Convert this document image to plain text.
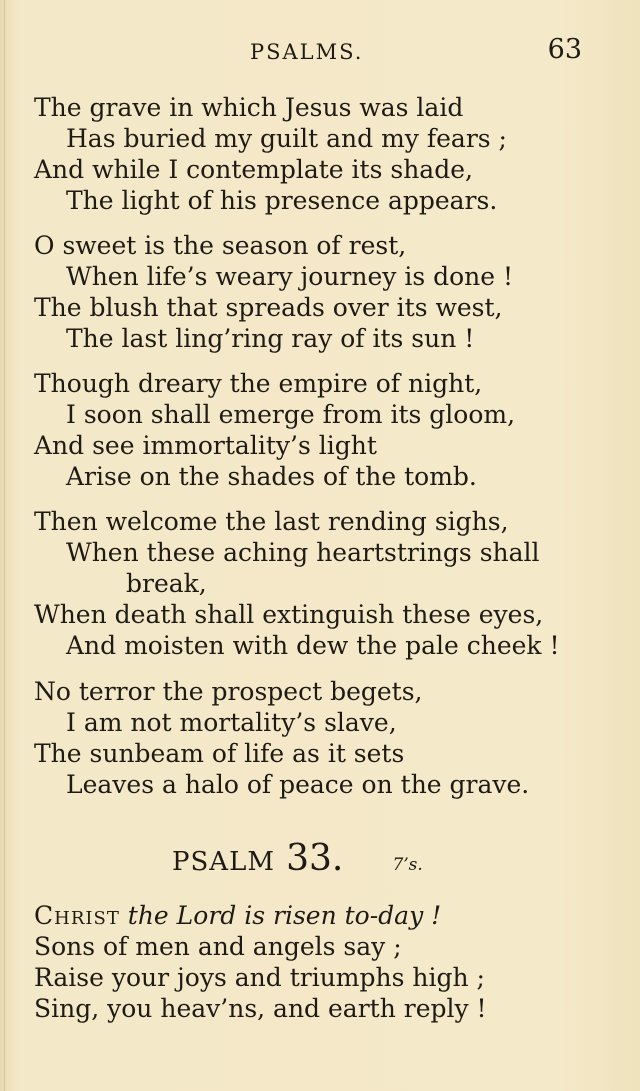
PSALMS.	63
The grave in which Jesus was laid
Has buried my guilt and my fears ;
And while I contemplate its shade,
The light of his presence appears.
O sweet is the season of rest,
When life’s weary journey is done !
The blush that spreads over its west,
The last ling’ring ray of its sun !
Though dreary the empire of night,
I soon shall emerge from its gloom,
And see immortality’s light
Arise on the shades of the tomb.
Then welcome the last rending sighs,
When these aching heartstrings shall
break,
When death shall extinguish these eyes,
And moisten with dew the pale cheek !
No terror the prospect begets,
I am not mortality’s slave,
The sunbeam of life as it sets
Leaves a halo of peace on the grave.
PSALM 33.	7’s.
Christ the Lord is risen to-day !
Sons of men and angels say ;
Raise your joys and triumphs high ;
Sing, you heav’ns, and earth reply !
